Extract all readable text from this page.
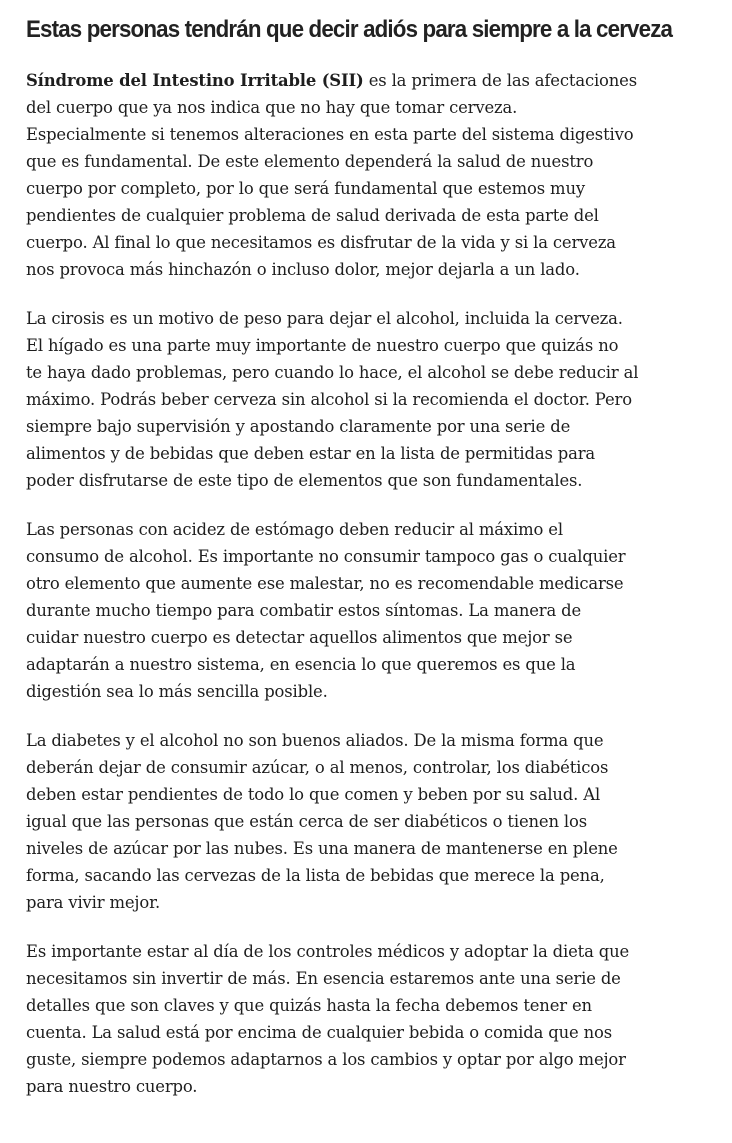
Estas personas tendrán que decir adiós para siempre a la cerveza

Síndrome del Intestino Irritable (SII) es la primera de las afectaciones
del cuerpo que ya nos indica que no hay que tomar cerveza.
Especialmente si tenemos alteraciones en esta parte del sistema digestivo
que es fundamental. De este elemento dependerá la salud de nuestro
cuerpo por completo, por lo que será fundamental que estemos muy
pendientes de cualquier problema de salud derivada de esta parte del
cuerpo. Al final lo que necesitamos es disfrutar de la vida y si la cerveza
nos provoca más hinchazón o incluso dolor, mejor dejarla a un lado.

La cirosis es un motivo de peso para dejar el alcohol, incluida la cerveza.
El hígado es una parte muy importante de nuestro cuerpo que quizás no
te haya dado problemas, pero cuando lo hace, el alcohol se debe reducir al
máximo. Podrás beber cerveza sin alcohol si la recomienda el doctor. Pero
siempre bajo supervisión y apostando claramente por una serie de
alimentos y de bebidas que deben estar en la lista de permitidas para
poder disfrutarse de este tipo de elementos que son fundamentales.

Las personas con acidez de estómago deben reducir al máximo el
consumo de alcohol. Es importante no consumir tampoco gas o cualquier
otro elemento que aumente ese malestar, no es recomendable medicarse
durante mucho tiempo para combatir estos síntomas. La manera de
cuidar nuestro cuerpo es detectar aquellos alimentos que mejor se
adaptarán a nuestro sistema, en esencia lo que queremos es que la
digestión sea lo más sencilla posible.

La diabetes y el alcohol no son buenos aliados. De la misma forma que
deberán dejar de consumir azúcar, o al menos, controlar, los diabéticos
deben estar pendientes de todo lo que comen y beben por su salud. Al
igual que las personas que están cerca de ser diabéticos o tienen los
niveles de azúcar por las nubes. Es una manera de mantenerse en plene
forma, sacando las cervezas de la lista de bebidas que merece la pena,
para vivir mejor.

Es importante estar al día de los controles médicos y adoptar la dieta que
necesitamos sin invertir de más. En esencia estaremos ante una serie de
detalles que son claves y que quizás hasta la fecha debemos tener en
cuenta. La salud está por encima de cualquier bebida o comida que nos
guste, siempre podemos adaptarnos a los cambios y optar por algo mejor
para nuestro cuerpo.
